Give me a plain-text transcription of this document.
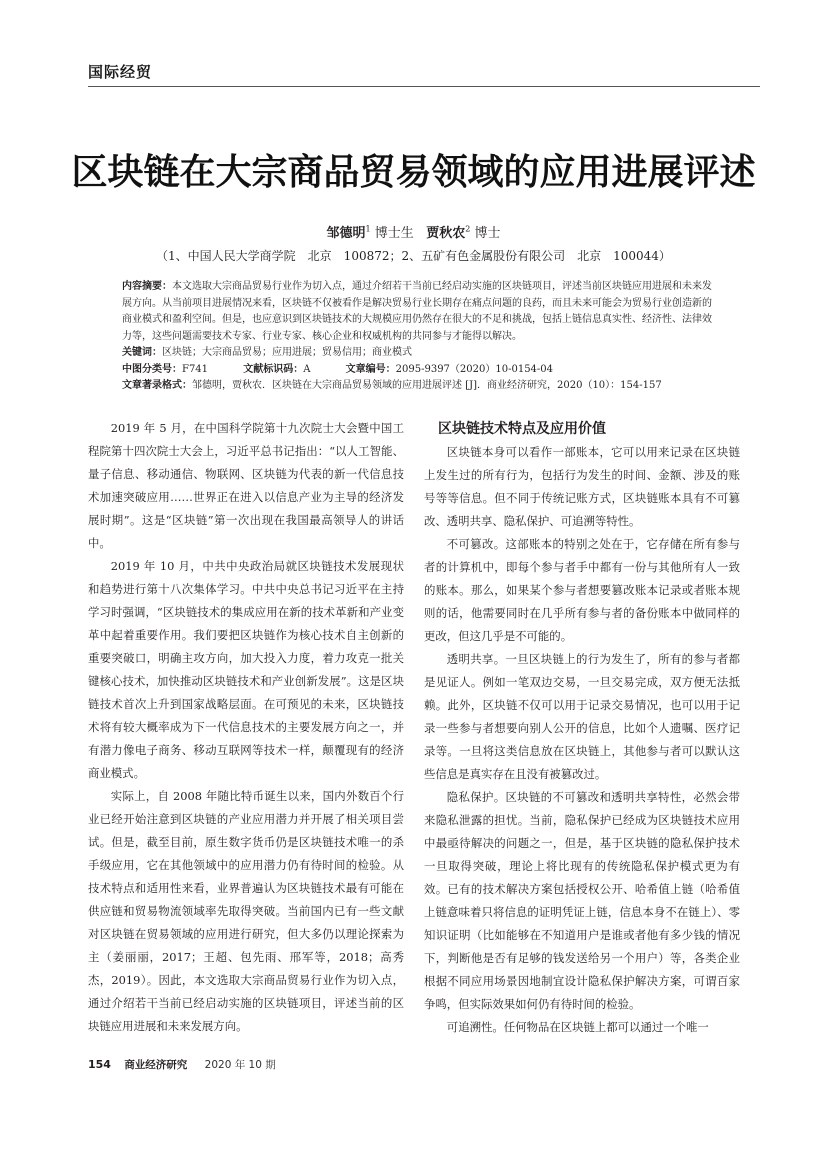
国际经贸
区块链在大宗商品贸易领域的应用进展评述
邹德明$^1$ 博士生 贾秋农$^2$ 博士
（1、中国人民大学商学院　北京　100872；2、五矿有色金属股份有限公司　北京　100044）

内容摘要：本文选取大宗商品贸易行业作为切入点，通过介绍若干当前已经启动实施的区块链项目，评述当前区块链应用进展和未来发展方向。从当前项目进展情况来看，区块链不仅被看作是解决贸易行业长期存在痛点问题的良药，而且未来可能会为贸易行业创造新的商业模式和盈利空间。但是，也应意识到区块链技术的大规模应用仍然存在很大的不足和挑战，包括上链信息真实性、经济性、法律效力等，这些问题需要技术专家、行业专家、核心企业和权威机构的共同参与才能得以解决。

关键词：区块链；大宗商品贸易；应用进展；贸易信用；商业模式

中图分类号：F741	文献标识码：A	文章编号：2095-9397（2020）10-0154-04

文章著录格式：邹德明，贾秋农．区块链在大宗商品贸易领域的应用进展评述 [J]．商业经济研究，2020（10）：154-157

2019 年 5 月，在中国科学院第十九次院士大会暨中国工程院第十四次院士大会上，习近平总书记指出：“以人工智能、量子信息、移动通信、物联网、区块链为代表的新一代信息技术加速突破应用……世界正在进入以信息产业为主导的经济发展时期”。这是“区块链”第一次出现在我国最高领导人的讲话中。

2019 年 10 月，中共中央政治局就区块链技术发展现状和趋势进行第十八次集体学习。中共中央总书记习近平在主持学习时强调，“区块链技术的集成应用在新的技术革新和产业变革中起着重要作用。我们要把区块链作为核心技术自主创新的重要突破口，明确主攻方向，加大投入力度，着力攻克一批关键核心技术，加快推动区块链技术和产业创新发展”。这是区块链技术首次上升到国家战略层面。在可预见的未来，区块链技术将有较大概率成为下一代信息技术的主要发展方向之一，并有潜力像电子商务、移动互联网等技术一样，颠覆现有的经济商业模式。

实际上，自 2008 年随比特币诞生以来，国内外数百个行业已经开始注意到区块链的产业应用潜力并开展了相关项目尝试。但是，截至目前，原生数字货币仍是区块链技术唯一的杀手级应用，它在其他领域中的应用潜力仍有待时间的检验。从技术特点和适用性来看，业界普遍认为区块链技术最有可能在供应链和贸易物流领域率先取得突破。当前国内已有一些文献对区块链在贸易领域的应用进行研究，但大多仍以理论探索为主（姜丽丽，2017；王超、包先雨、邢军等，2018；高秀杰，2019）。因此，本文选取大宗商品贸易行业作为切入点，通过介绍若干当前已经启动实施的区块链项目，评述当前的区块链应用进展和未来发展方向。

区块链技术特点及应用价值

区块链本身可以看作一部账本，它可以用来记录在区块链上发生过的所有行为，包括行为发生的时间、金额、涉及的账号等等信息。但不同于传统记账方式，区块链账本具有不可篡改、透明共享、隐私保护、可追溯等特性。

不可篡改。这部账本的特别之处在于，它存储在所有参与者的计算机中，即每个参与者手中都有一份与其他所有人一致的账本。那么，如果某个参与者想要篡改账本记录或者账本规则的话，他需要同时在几乎所有参与者的备份账本中做同样的更改，但这几乎是不可能的。

透明共享。一旦区块链上的行为发生了，所有的参与者都是见证人。例如一笔双边交易，一旦交易完成，双方便无法抵赖。此外，区块链不仅可以用于记录交易情况，也可以用于记录一些参与者想要向别人公开的信息，比如个人遗嘱、医疗记录等。一旦将这类信息放在区块链上，其他参与者可以默认这些信息是真实存在且没有被篡改过。

隐私保护。区块链的不可篡改和透明共享特性，必然会带来隐私泄露的担忧。当前，隐私保护已经成为区块链技术应用中最亟待解决的问题之一，但是，基于区块链的隐私保护技术一旦取得突破，理论上将比现有的传统隐私保护模式更为有效。已有的技术解决方案包括授权公开、哈希值上链（哈希值上链意味着只将信息的证明凭证上链，信息本身不在链上）、零知识证明（比如能够在不知道用户是谁或者他有多少钱的情况下，判断他是否有足够的钱发送给另一个用户）等，各类企业根据不同应用场景因地制宜设计隐私保护解决方案，可谓百家争鸣，但实际效果如何仍有待时间的检验。

可追溯性。任何物品在区块链上都可以通过一个唯一

154 商业经济研究 2020 年 10 期
